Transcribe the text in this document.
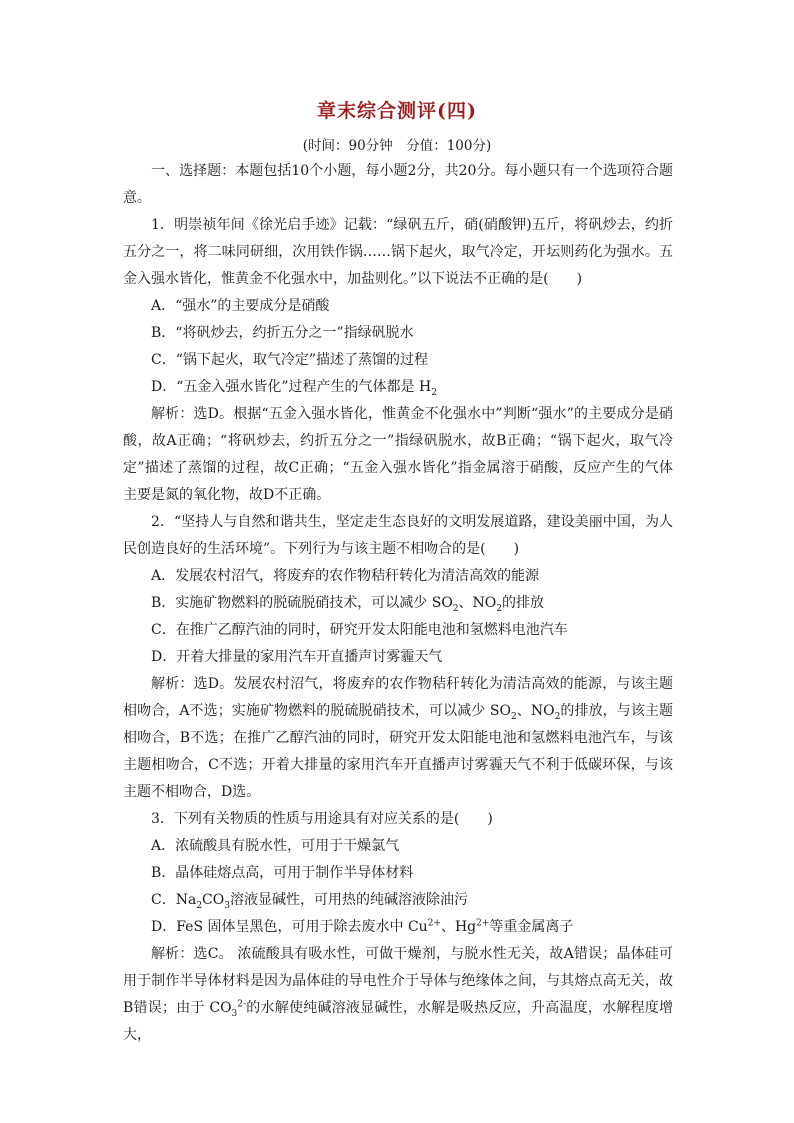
章末综合测评(四)
(时间：90分钟　分值：100分)

一、选择题：本题包括10个小题，每小题2分，共20分。每小题只有一个选项符合题意。

1．明崇祯年间《徐光启手迹》记载：“绿矾五斤，硝(硝酸钾)五斤，将矾炒去，约折五分之一，将二味同研细，次用铁作锅……锅下起火，取气冷定，开坛则药化为强水。五金入强水皆化，惟黄金不化强水中，加盐则化。”以下说法不正确的是(　　)

A．“强水”的主要成分是硝酸

B．“将矾炒去，约折五分之一”指绿矾脱水

C．“锅下起火，取气冷定”描述了蒸馏的过程

D．“五金入强水皆化”过程产生的气体都是 $H_2$

解析：选D。根据“五金入强水皆化，惟黄金不化强水中”判断“强水”的主要成分是硝酸，故A正确；“将矾炒去，约折五分之一”指绿矾脱水，故B正确；“锅下起火，取气冷定”描述了蒸馏的过程，故C正确；“五金入强水皆化”指金属溶于硝酸，反应产生的气体主要是氮的氧化物，故D不正确。

2．“坚持人与自然和谐共生，坚定走生态良好的文明发展道路，建设美丽中国，为人民创造良好的生活环境”。下列行为与该主题不相吻合的是(　　)

A．发展农村沼气，将废弃的农作物秸秆转化为清洁高效的能源

B．实施矿物燃料的脱硫脱硝技术，可以减少 $SO_2$、$NO_2$的排放

C．在推广乙醇汽油的同时，研究开发太阳能电池和氢燃料电池汽车

D．开着大排量的家用汽车开直播声讨雾霾天气

解析：选D。发展农村沼气，将废弃的农作物秸秆转化为清洁高效的能源，与该主题相吻合，A不选；实施矿物燃料的脱硫脱硝技术，可以减少 $SO_2$、$NO_2$的排放，与该主题相吻合，B不选；在推广乙醇汽油的同时，研究开发太阳能电池和氢燃料电池汽车，与该主题相吻合，C不选；开着大排量的家用汽车开直播声讨雾霾天气不利于低碳环保，与该主题不相吻合，D选。

3．下列有关物质的性质与用途具有对应关系的是(　　)

A．浓硫酸具有脱水性，可用于干燥氯气

B．晶体硅熔点高，可用于制作半导体材料

C．$Na_2CO_3$溶液显碱性，可用热的纯碱溶液除油污

D．FeS 固体呈黑色，可用于除去废水中 $Cu^{2+}$、$Hg^{2+}$等重金属离子

解析：选C。 浓硫酸具有吸水性，可做干燥剂，与脱水性无关，故A错误；晶体硅可用于制作半导体材料是因为晶体硅的导电性介于导体与绝缘体之间，与其熔点高无关，故B错误；由于 $CO_3^{2-}$的水解使纯碱溶液显碱性，水解是吸热反应，升高温度，水解程度增大，
